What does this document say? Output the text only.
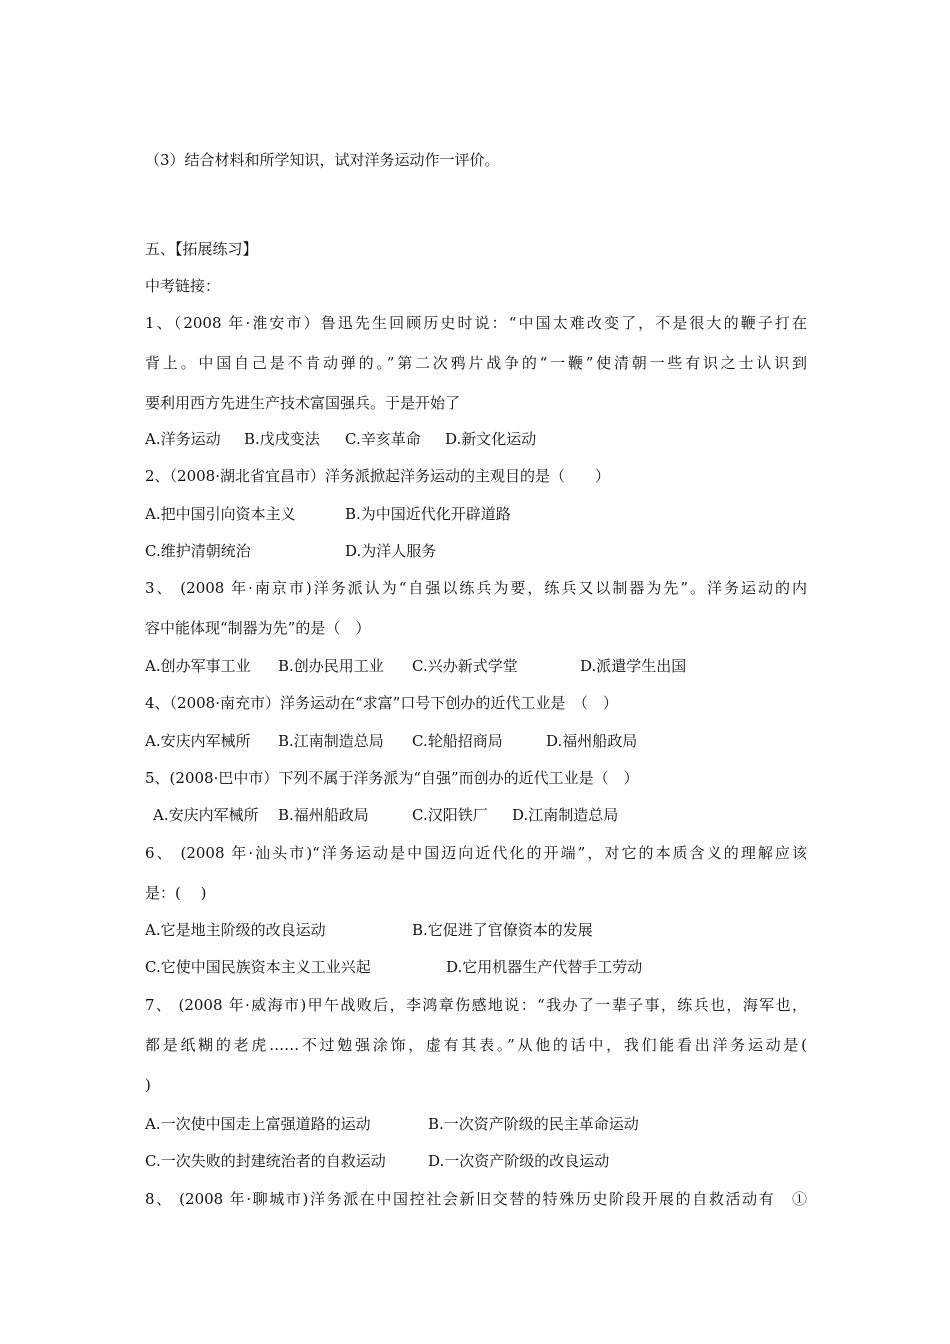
（3）结合材料和所学知识，试对洋务运动作一评价。
五、【拓展练习】
中考链接：
1、（2008 年·淮安市）鲁迅先生回顾历史时说：“中国太难改变了，不是很大的鞭子打在
背上。中国自己是不肯动弹的。”第二次鸦片战争的“一鞭”使清朝一些有识之士认识到
要利用西方先进生产技术富国强兵。于是开始了
A.洋务运动 B.戊戌变法 C.辛亥革命 D.新文化运动
2、（2008·湖北省宜昌市）洋务派掀起洋务运动的主观目的是（　　）
A.把中国引向资本主义	B.为中国近代化开辟道路
C.维护清朝统治	D.为洋人服务
3、 (2008 年·南京市)洋务派认为“自强以练兵为要，练兵又以制器为先”。洋务运动的内
容中能体现“制器为先”的是（　）
A.创办军事工业 B.创办民用工业 C.兴办新式学堂	D.派遣学生出国
4、（2008·南充市）洋务运动在“求富”口号下创办的近代工业是　（　）
A.安庆内军械所 B.江南制造总局 C.轮船招商局	D.福州船政局
5、(2008·巴中市）下列不属于洋务派为“自强”而创办的近代工业是（　）
A.安庆内军械所 B.福州船政局	C.汉阳铁厂 D.江南制造总局
6、 (2008 年·汕头市)“洋务运动是中国迈向近代化的开端”，对它的本质含义的理解应该
是：(　 )
A.它是地主阶级的改良运动	B.它促进了官僚资本的发展
C.它使中国民族资本主义工业兴起	D.它用机器生产代替手工劳动
7、 (2008 年·威海市)甲午战败后，李鸿章伤感地说：“我办了一辈子事，练兵也，海军也，
都是纸糊的老虎……不过勉强涂饰，虚有其表。”从他的话中，我们能看出洋务运动是(
)
A.一次使中国走上富强道路的运动	B.一次资产阶级的民主革命运动
C.一次失败的封建统治者的自救运动	D.一次资产阶级的改良运动
8、 (2008 年·聊城市)洋务派在中国控社会新旧交替的特殊历史阶段开展的自救活动有　①
